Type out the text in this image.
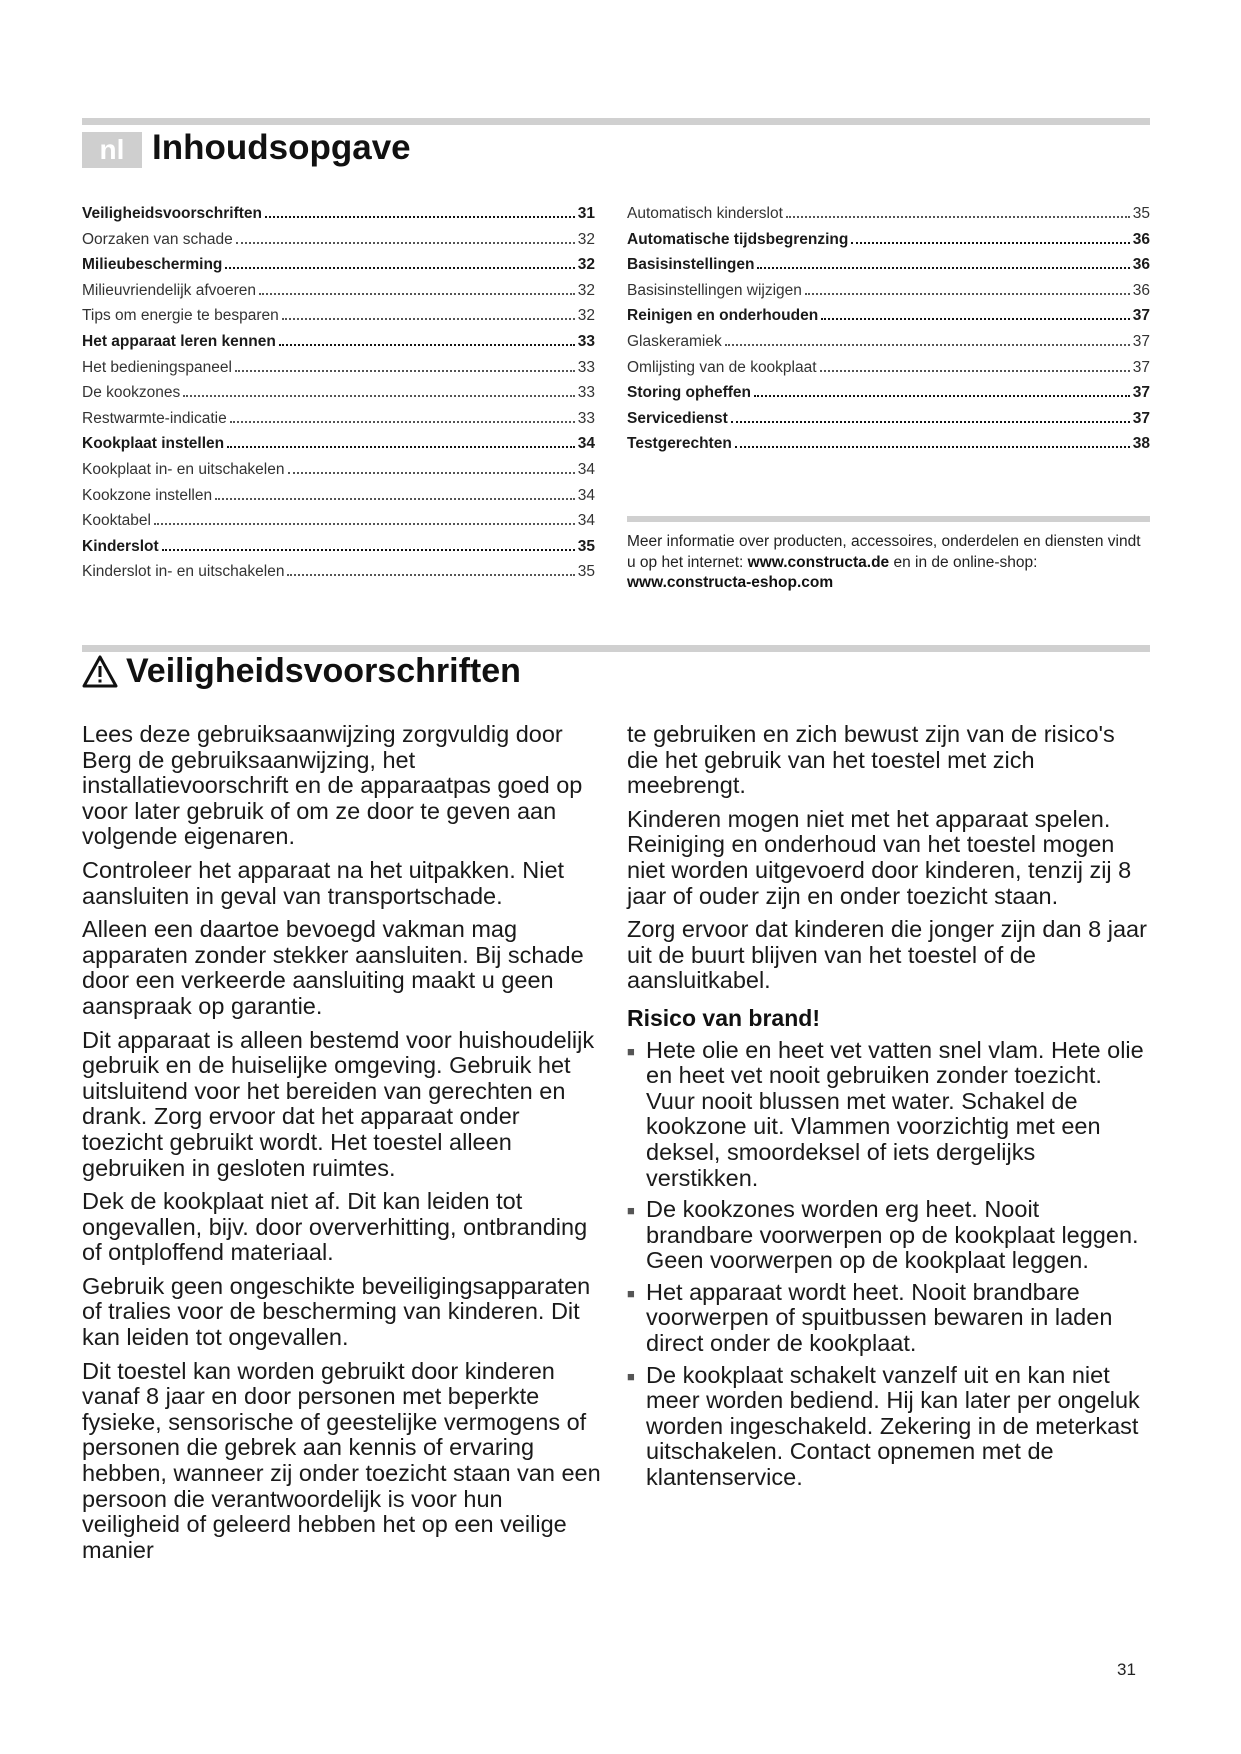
nl Inhoudsopgave
Veiligheidsvoorschriften	31
Oorzaken van schade	32
Milieubescherming	32
Milieuvriendelijk afvoeren	32
Tips om energie te besparen	32
Het apparaat leren kennen	33
Het bedieningspaneel	33
De kookzones	33
Restwarmte-indicatie	33
Kookplaat instellen	34
Kookplaat in- en uitschakelen	34
Kookzone instellen	34
Kooktabel	34
Kinderslot	35
Kinderslot in- en uitschakelen	35
Automatisch kinderslot	35
Automatische tijdsbegrenzing	36
Basisinstellingen	36
Basisinstellingen wijzigen	36
Reinigen en onderhouden	37
Glaskeramiek	37
Omlijsting van de kookplaat	37
Storing opheffen	37
Servicedienst	37
Testgerechten	38
Meer informatie over producten, accessoires, onderdelen en diensten vindt u op het internet: www.constructa.de en in de online-shop: www.constructa-eshop.com
Veiligheidsvoorschriften

Lees deze gebruiksaanwijzing zorgvuldig door Berg de gebruiksaanwijzing, het installatievoorschrift en de apparaatpas goed op voor later gebruik of om ze door te geven aan volgende eigenaren.

Controleer het apparaat na het uitpakken. Niet aansluiten in geval van transportschade.

Alleen een daartoe bevoegd vakman mag apparaten zonder stekker aansluiten. Bij schade door een verkeerde aansluiting maakt u geen aanspraak op garantie.

Dit apparaat is alleen bestemd voor huishoudelijk gebruik en de huiselijke omgeving. Gebruik het uitsluitend voor het bereiden van gerechten en drank. Zorg ervoor dat het apparaat onder toezicht gebruikt wordt. Het toestel alleen gebruiken in gesloten ruimtes.

Dek de kookplaat niet af. Dit kan leiden tot ongevallen, bijv. door oververhitting, ontbranding of ontploffend materiaal.

Gebruik geen ongeschikte beveiligingsapparaten of tralies voor de bescherming van kinderen. Dit kan leiden tot ongevallen.

Dit toestel kan worden gebruikt door kinderen vanaf 8 jaar en door personen met beperkte fysieke, sensorische of geestelijke vermogens of personen die gebrek aan kennis of ervaring hebben, wanneer zij onder toezicht staan van een persoon die verantwoordelijk is voor hun veiligheid of geleerd hebben het op een veilige manier

te gebruiken en zich bewust zijn van de risico's die het gebruik van het toestel met zich meebrengt.

Kinderen mogen niet met het apparaat spelen. Reiniging en onderhoud van het toestel mogen niet worden uitgevoerd door kinderen, tenzij zij 8 jaar of ouder zijn en onder toezicht staan.

Zorg ervoor dat kinderen die jonger zijn dan 8 jaar uit de buurt blijven van het toestel of de aansluitkabel.

Risico van brand!
■ Hete olie en heet vet vatten snel vlam. Hete olie en heet vet nooit gebruiken zonder toezicht. Vuur nooit blussen met water. Schakel de kookzone uit. Vlammen voorzichtig met een deksel, smoordeksel of iets dergelijks verstikken.
■ De kookzones worden erg heet. Nooit brandbare voorwerpen op de kookplaat leggen. Geen voorwerpen op de kookplaat leggen.
■ Het apparaat wordt heet. Nooit brandbare voorwerpen of spuitbussen bewaren in laden direct onder de kookplaat.
■ De kookplaat schakelt vanzelf uit en kan niet meer worden bediend. Hij kan later per ongeluk worden ingeschakeld. Zekering in de meterkast uitschakelen. Contact opnemen met de klantenservice.
31
